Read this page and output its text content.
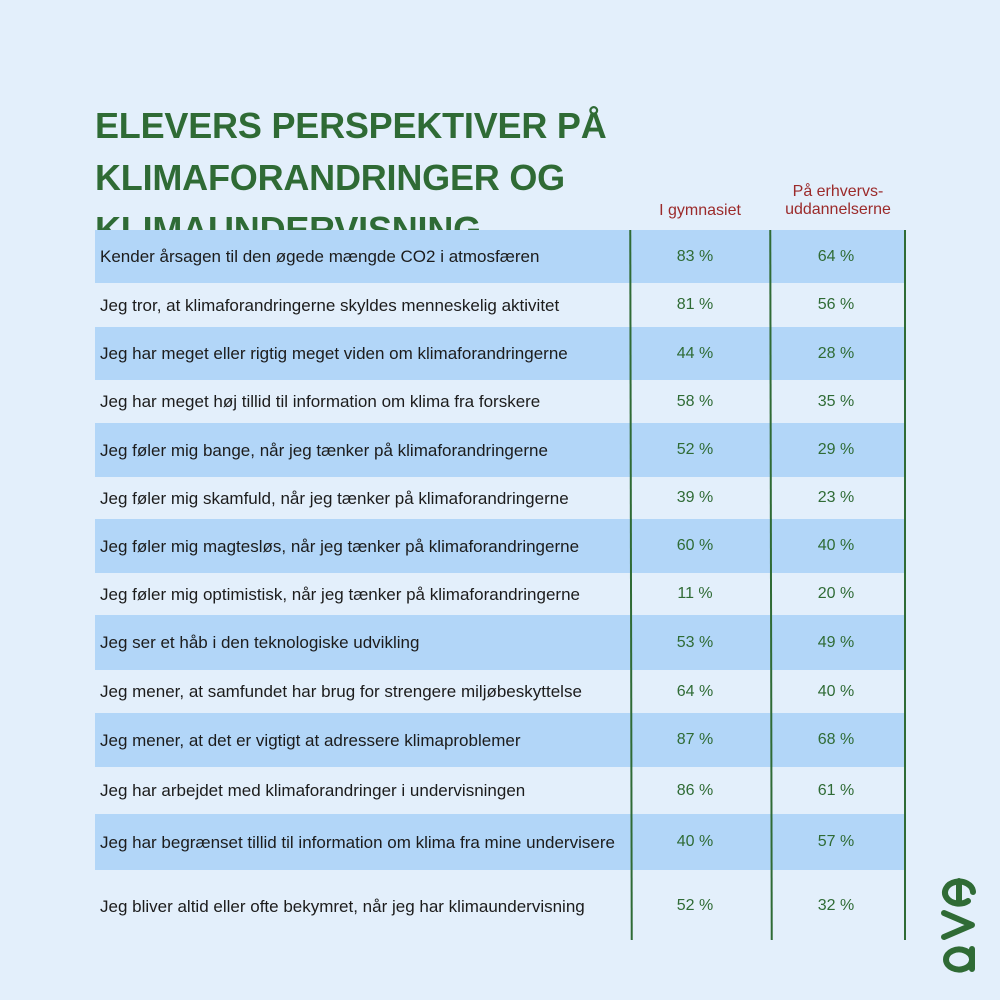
ELEVERS PERSPEKTIVER PÅ KLIMAFORANDRINGER OG
I gymnasiet
På erhvervs-
uddannelserne
Kender årsagen til den øgede mængde CO2 i atmosfæren	83 %	64 %
Jeg tror, at klimaforandringerne skyldes menneskelig aktivitet	81 %	56 %
Jeg har meget eller rigtig meget viden om klimaforandringerne	44 %	28 %
Jeg har meget høj tillid til information om klima fra forskere	58 %	35 %
Jeg føler mig bange, når jeg tænker på klimaforandringerne	52 %	29 %
Jeg føler mig skamfuld, når jeg tænker på klimaforandringerne	39 %	23 %
Jeg føler mig magtesløs, når jeg tænker på klimaforandringerne	60 %	40 %
Jeg føler mig optimistisk, når jeg tænker på klimaforandringerne	11 %	20 %
Jeg ser et håb i den teknologiske udvikling	53 %	49 %
Jeg mener, at samfundet har brug for strengere miljøbeskyttelse	64 %	40 %
Jeg mener, at det er vigtigt at adressere klimaproblemer	87 %	68 %
Jeg har arbejdet med klimaforandringer i undervisningen	86 %	61 %
Jeg har begrænset tillid til information om klima fra mine undervisere	40 %	57 %
Jeg bliver altid eller ofte bekymret, når jeg har klimaundervisning	52 %	32 %
